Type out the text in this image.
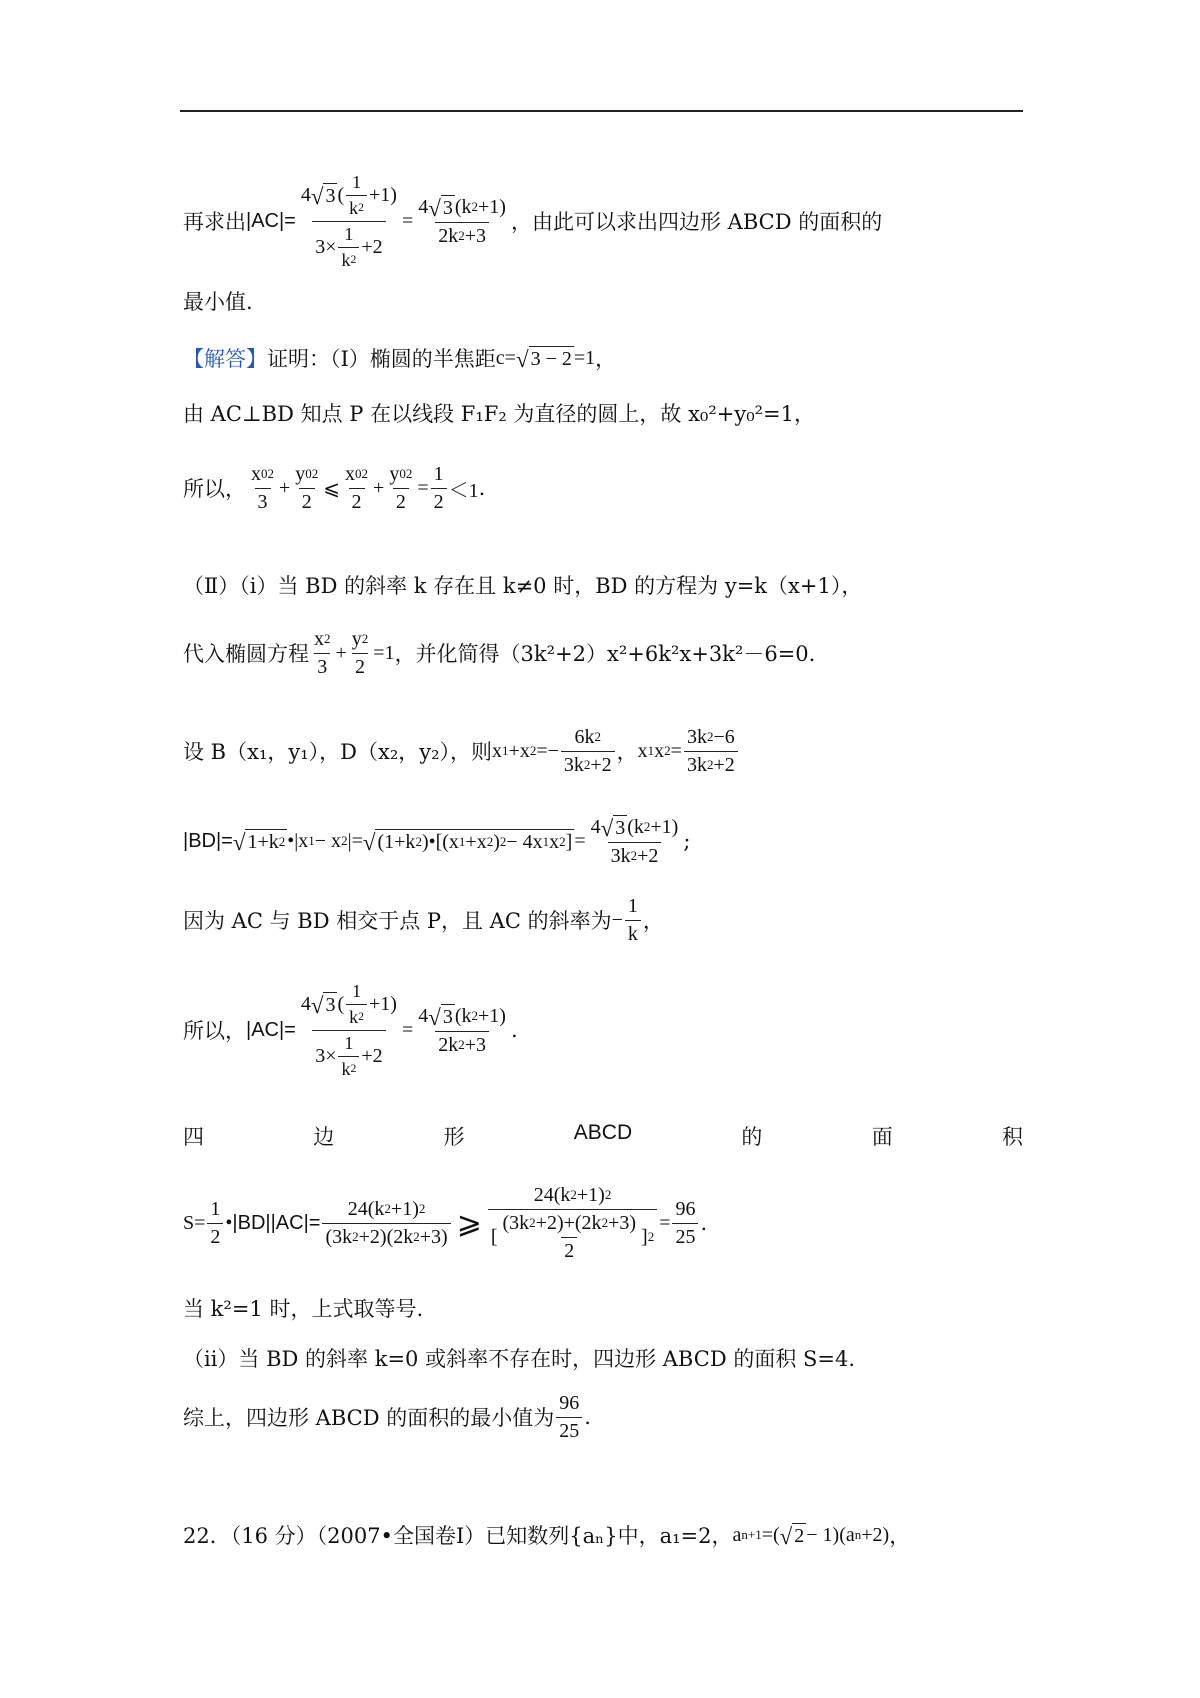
再求出 $|AC|= \frac{4 √ 3 ( \frac{1}{k 2} +1)}{3\times \frac{1}{k 2} +2} = \frac{4 √ 3 (k 2 +1)}{2k 2 +3}$ ，由此可以求出四边形 ABCD 的面积的
最小值.
【解答】 证明：（Ⅰ）椭圆的半焦距 c= √ 3 − 2 =1 ，
由 AC⊥BD 知点 P 在以线段 F₁F₂ 为直径的圆上，故 x₀²+y₀²=1，
所以， $\frac{x 0 2}{3} + \frac{y 0 2}{2}$ ⩽ $\frac{x 0 2}{2} + \frac{y 0 2}{2} = \frac{1}{2} <1$ .
（Ⅱ）（ⅰ）当 BD 的斜率 k 存在且 k≠0 时，BD 的方程为 y=k（x+1），
代入椭圆方程 $\frac{x 2}{3} + \frac{y 2}{2} =1$ ，并化简得（3k²+2）x²+6k²x+3k²－6=0.
设 B（x₁，y₁），D（x₂，y₂），则 x 1 +x $2 =- \frac{6k 2}{3k 2 +2}$ ， x 1 x $2 = \frac{3k 2 -6}{3k 2 +2}$
|BD|= √ 1+k 2 •|x 1 − x 2 |= √ (1+k 2 )•[(x 1 +x 2 ) 2 − 4x 1 x 2 ] = $\frac{4 √ 3 (k 2 +1)}{3k 2 +2}$ ;
因为 AC 与 BD 相交于点 P，且 AC 的斜率为 − $\frac{1}{k}$ ，
所以， $|AC|= \frac{4 √ 3 ( \frac{1}{k 2} +1)}{3\times \frac{1}{k 2} +2} = \frac{4 √ 3 (k 2 +1)}{2k 2 +3}$ .
四	边	形	ABCD	的	面	积
$S= \frac{1}{2}$ • $|BD||AC|= \frac{24(k 2 +1) 2}{(3k 2 +2)(2k 2 +3)}$ ⩾ $\frac{24(k 2 +1) 2}{[ \frac{(3k 2 +2)+(2k 2 +3)}{2} ] 2} = \frac{96}{25}$ .
当 k²=1 时，上式取等号.
（ⅱ）当 BD 的斜率 k=0 或斜率不存在时，四边形 ABCD 的面积 S=4.
综上，四边形 ABCD 的面积的最小值为 $\frac{96}{25}$ .
22．（16 分）（2007•全国卷Ⅰ）已知数列{aₙ}中，a₁=2， a n+1 =( √ 2 − 1)(a n +2) ，
